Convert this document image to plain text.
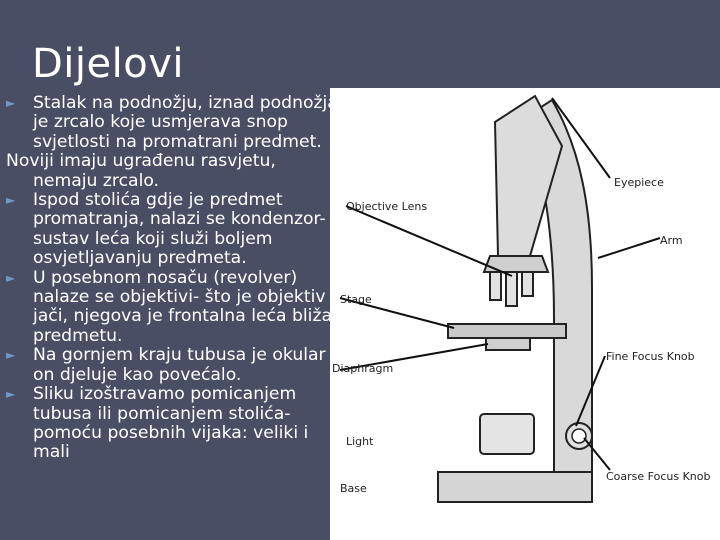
Eyepiece
Objective Lens
Arm
Stage
Fine Focus Knob
Diaphragm
Light
Coarse Focus Knob
Base
Dijelovi
► Stalak na podnožju, iznad podnožja
je zrcalo koje usmjerava snop
svjetlosti na promatrani predmet.
Noviji imaju ugrađenu rasvjetu,
nemaju zrcalo.
► Ispod stolića gdje je predmet
promatranja, nalazi se kondenzor-
sustav leća koji služi boljem
osvjetljavanju predmeta.
► U posebnom nosaču (revolver)
nalaze se objektivi- što je objektiv
jači, njegova je frontalna leća bliža
predmetu.
► Na gornjem kraju tubusa je okular
on djeluje kao povećalo.
► Sliku izoštravamo pomicanjem
tubusa ili pomicanjem stolića-
pomoću posebnih vijaka: veliki i
mali
